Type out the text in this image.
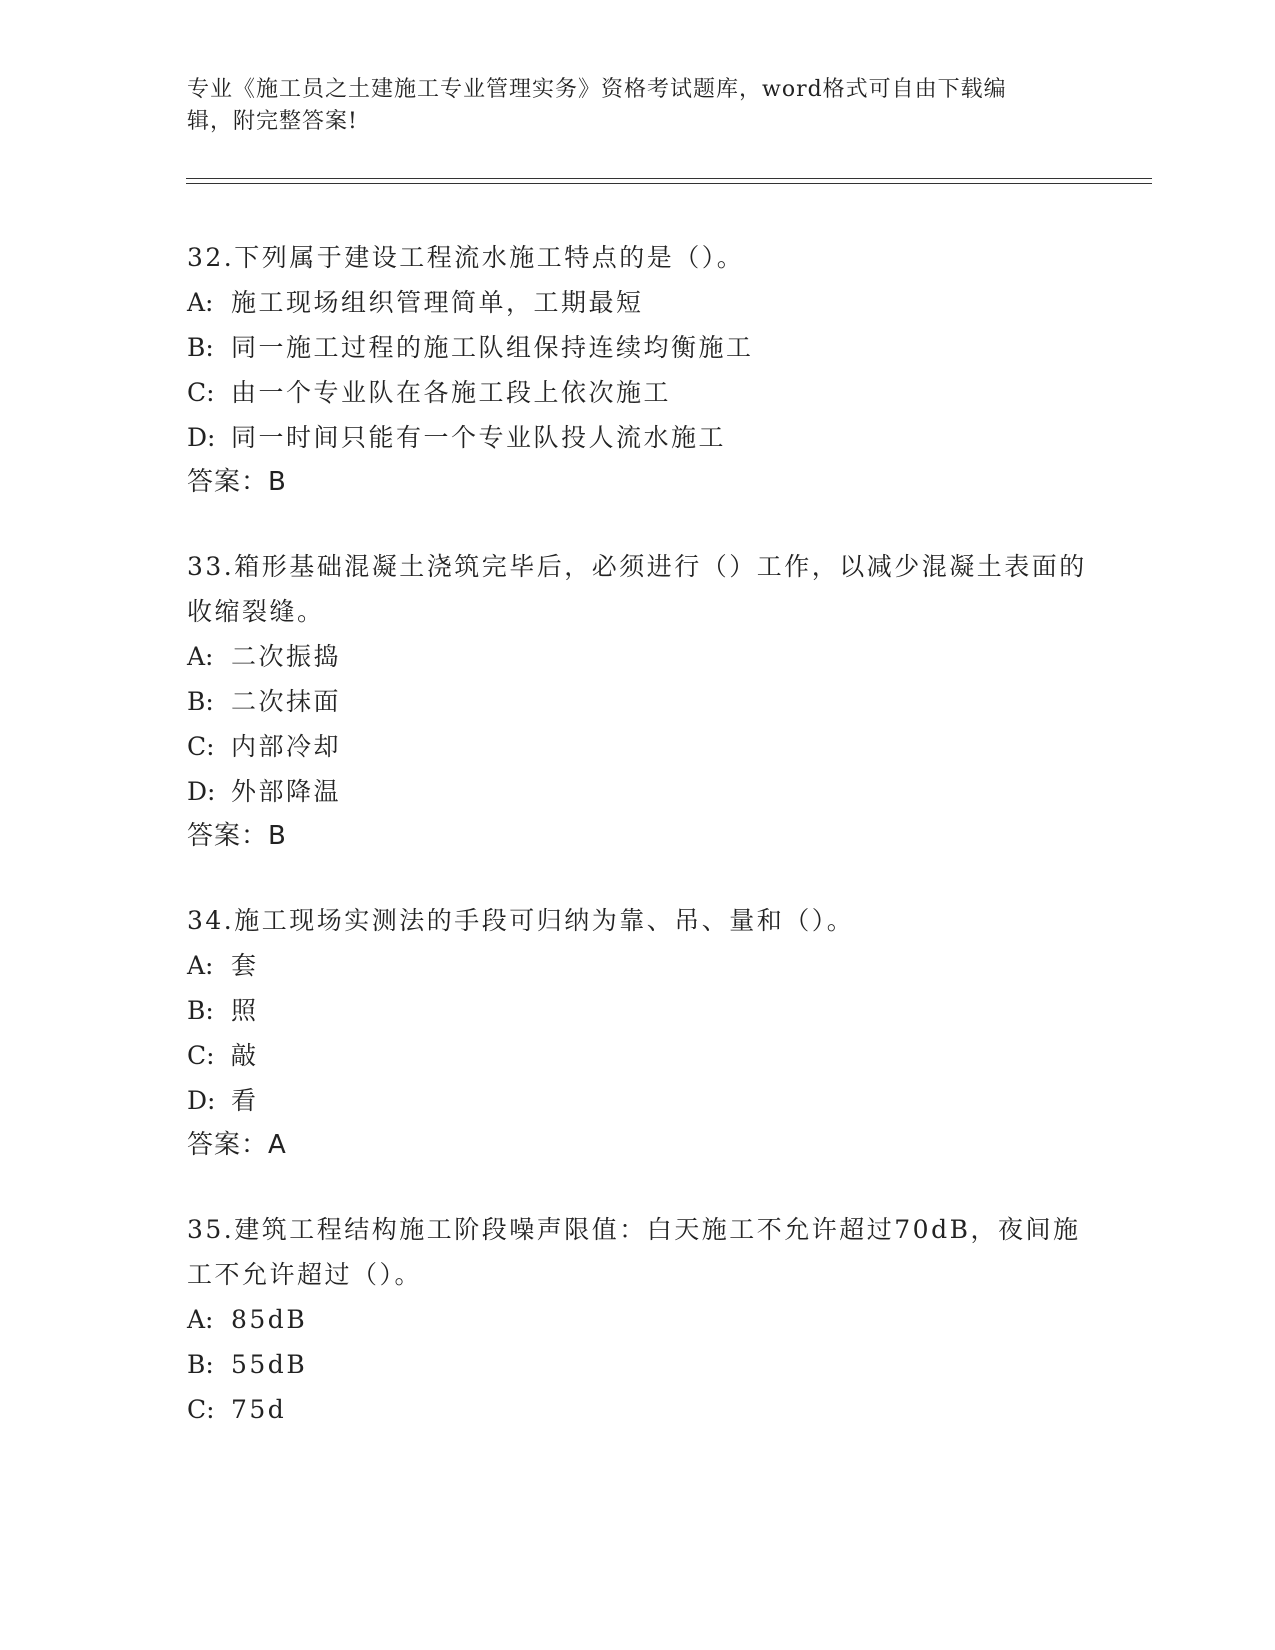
专业《施工员之土建施工专业管理实务》资格考试题库，word格式可自由下载编
辑，附完整答案!

32.下列属于建设工程流水施工特点的是（）。

A: 施工现场组织管理简单，工期最短

B: 同一施工过程的施工队组保持连续均衡施工

C: 由一个专业队在各施工段上依次施工

D: 同一时间只能有一个专业队投人流水施工

答案：B

33.箱形基础混凝土浇筑完毕后，必须进行（）工作，以减少混凝土表面的收缩裂缝。

A: 二次振捣

B: 二次抹面

C: 内部冷却

D: 外部降温

答案：B

34.施工现场实测法的手段可归纳为靠、吊、量和（）。

A: 套

B: 照

C: 敲

D: 看

答案：A

35.建筑工程结构施工阶段噪声限值：白天施工不允许超过70dB，夜间施工不允许超过（）。

A: 85dB

B: 55dB

C: 75d
